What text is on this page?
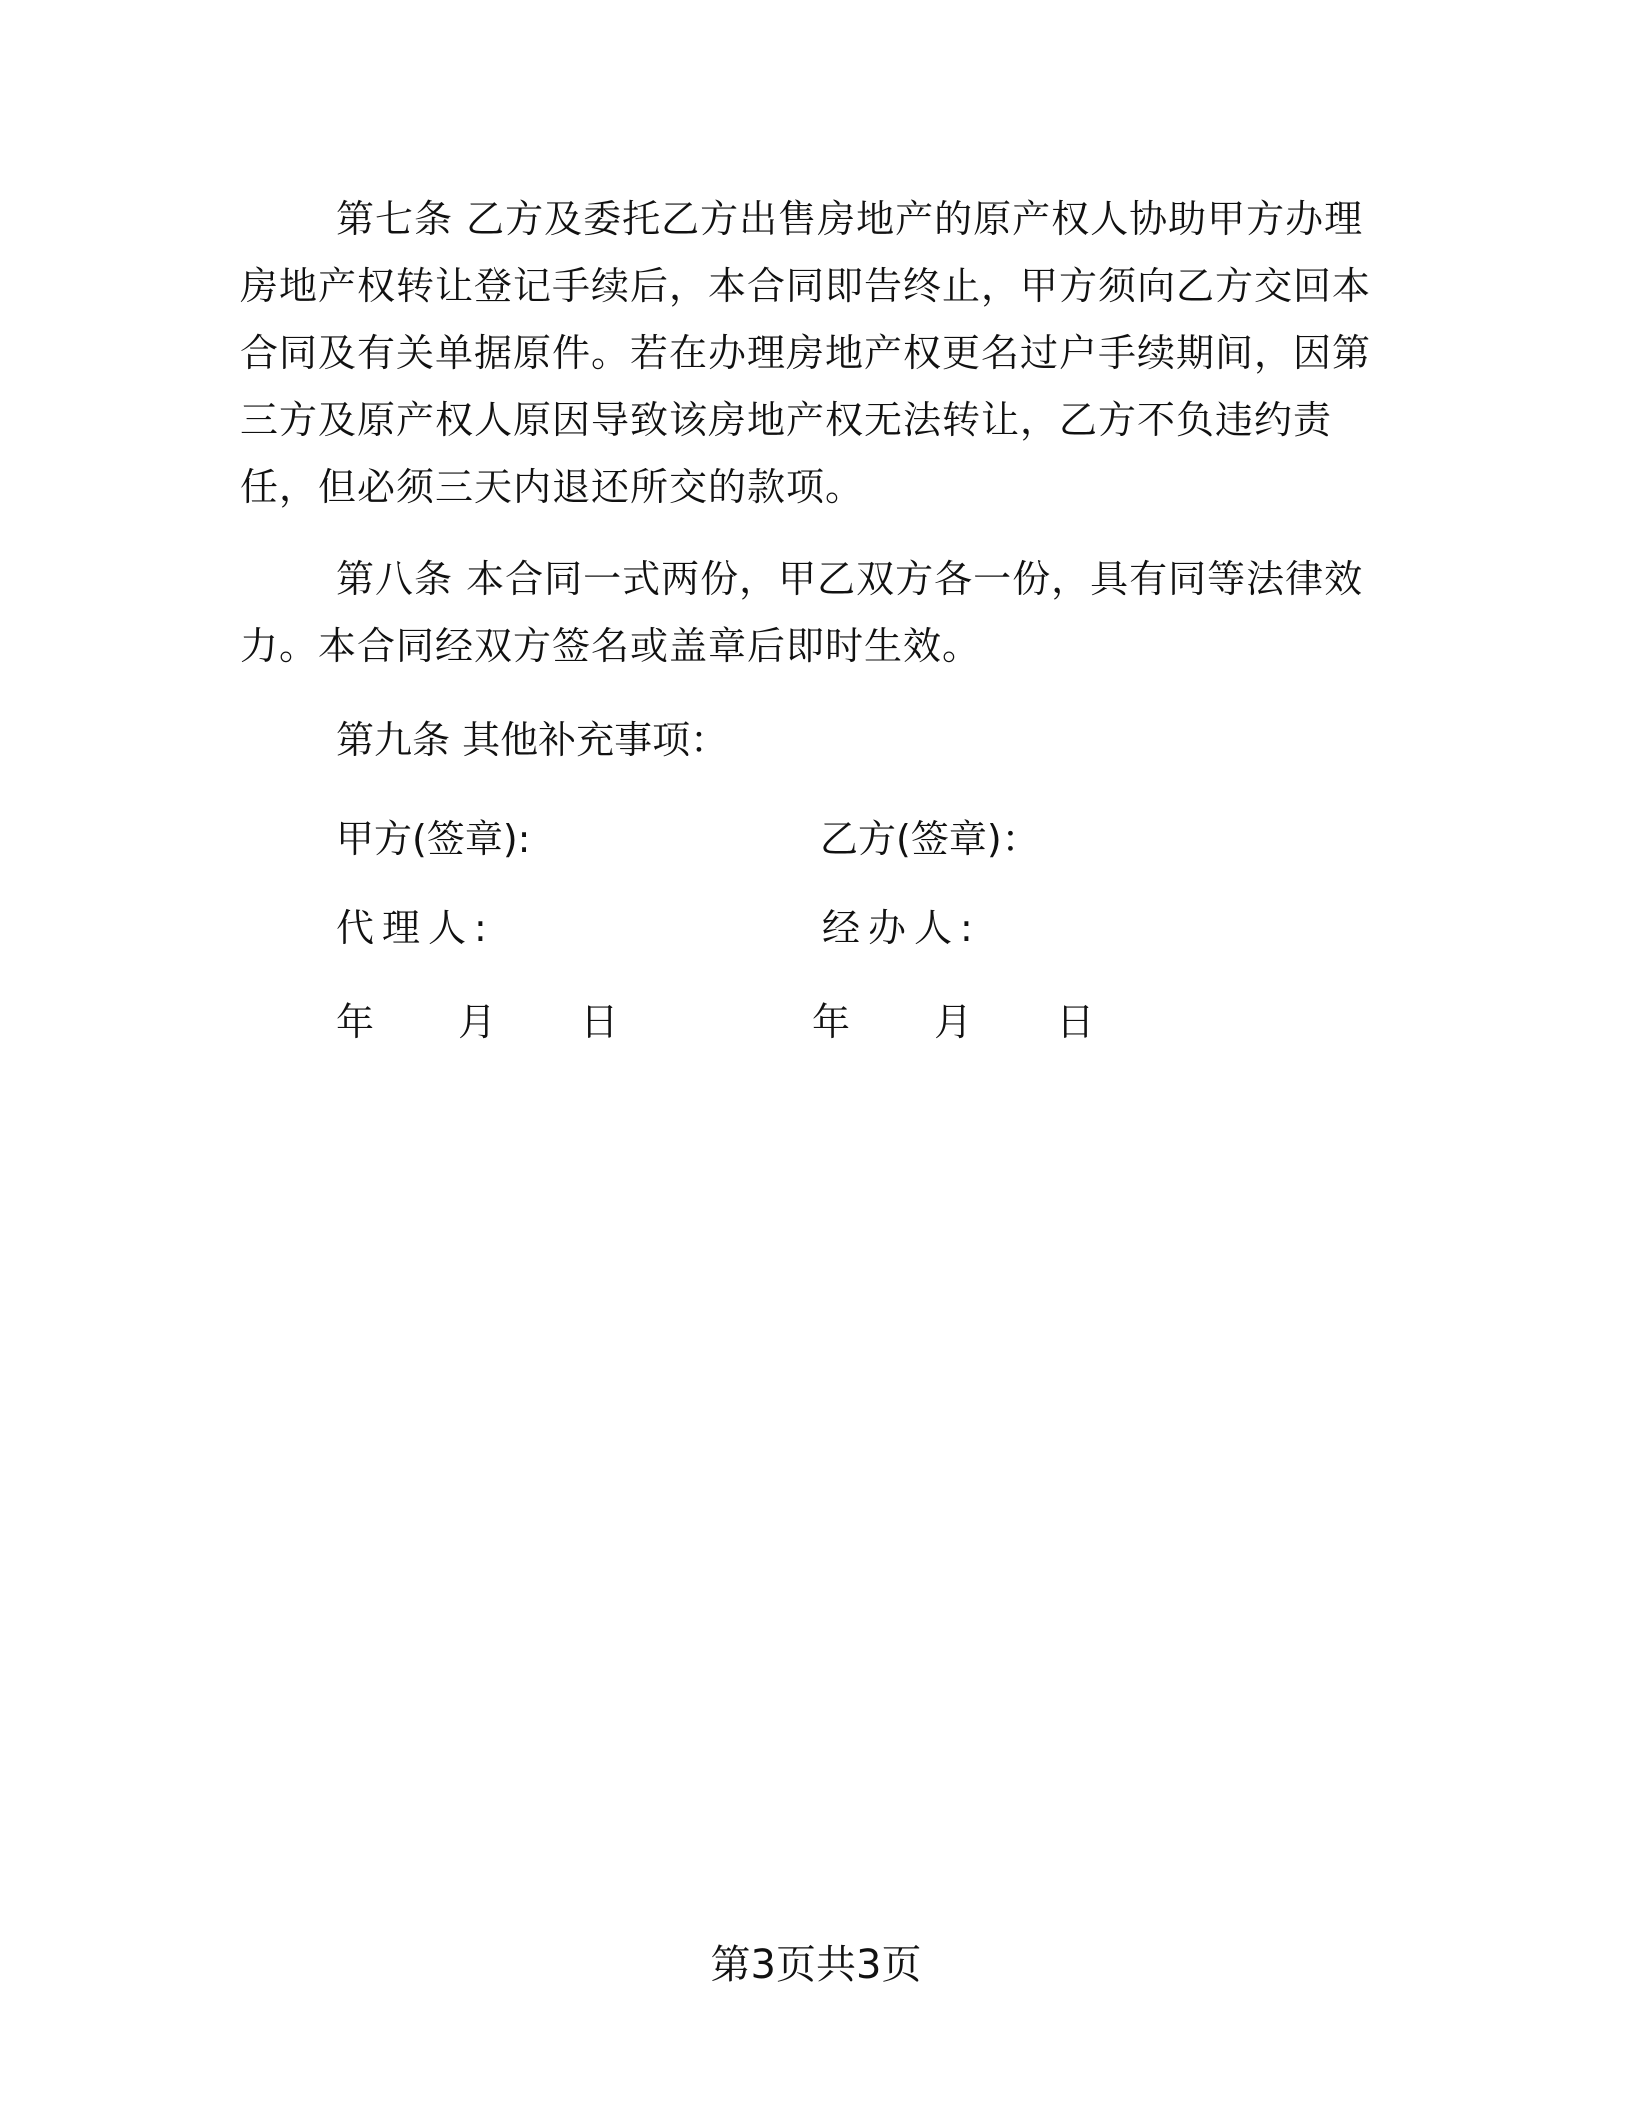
第七条 乙方及委托乙方出售房地产的原产权人协助甲方办理房地产权转让登记手续后，本合同即告终止，甲方须向乙方交回本合同及有关单据原件。若在办理房地产权更名过户手续期间，因第三方及原产权人原因导致该房地产权无法转让，乙方不负违约责任，但必须三天内退还所交的款项。

第八条 本合同一式两份，甲乙双方各一份，具有同等法律效力。本合同经双方签名或盖章后即时生效。

第九条 其他补充事项：

甲方(签章):	乙方(签章)：

代理人:	经办人:

年  月  日	年  月  日

第3页共3页
